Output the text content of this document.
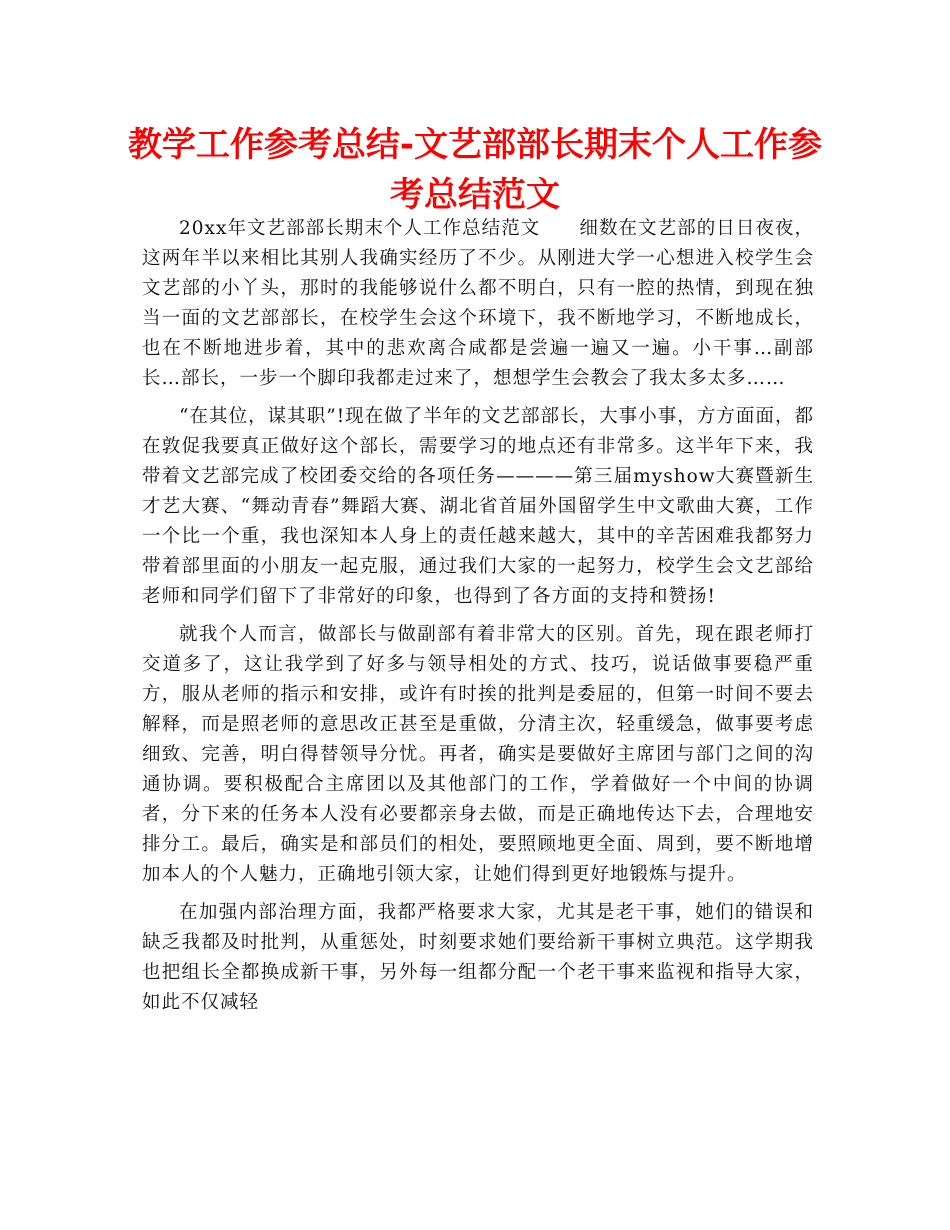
教学工作参考总结-文艺部部长期末个人工作参考总结范文

20xx年文艺部部长期末个人工作总结范文　　细数在文艺部的日日夜夜，这两年半以来相比其别人我确实经历了不少。从刚进大学一心想进入校学生会文艺部的小丫头，那时的我能够说什么都不明白，只有一腔的热情，到现在独当一面的文艺部部长，在校学生会这个环境下，我不断地学习，不断地成长，也在不断地进步着，其中的悲欢离合咸都是尝遍一遍又一遍。小干事…副部长…部长，一步一个脚印我都走过来了，想想学生会教会了我太多太多……

“在其位，谋其职”!现在做了半年的文艺部部长，大事小事，方方面面，都在敦促我要真正做好这个部长，需要学习的地点还有非常多。这半年下来，我带着文艺部完成了校团委交给的各项任务————第三届myshow大赛暨新生才艺大赛、“舞动青春”舞蹈大赛、湖北省首届外国留学生中文歌曲大赛，工作一个比一个重，我也深知本人身上的责任越来越大，其中的辛苦困难我都努力带着部里面的小朋友一起克服，通过我们大家的一起努力，校学生会文艺部给老师和同学们留下了非常好的印象，也得到了各方面的支持和赞扬!

就我个人而言，做部长与做副部有着非常大的区别。首先，现在跟老师打交道多了，这让我学到了好多与领导相处的方式、技巧，说话做事要稳严重方，服从老师的指示和安排，或许有时挨的批判是委屈的，但第一时间不要去解释，而是照老师的意思改正甚至是重做，分清主次，轻重缓急，做事要考虑细致、完善，明白得替领导分忧。再者，确实是要做好主席团与部门之间的沟通协调。要积极配合主席团以及其他部门的工作，学着做好一个中间的协调者，分下来的任务本人没有必要都亲身去做，而是正确地传达下去，合理地安排分工。最后，确实是和部员们的相处，要照顾地更全面、周到，要不断地增加本人的个人魅力，正确地引领大家，让她们得到更好地锻炼与提升。

在加强内部治理方面，我都严格要求大家，尤其是老干事，她们的错误和缺乏我都及时批判，从重惩处，时刻要求她们要给新干事树立典范。这学期我也把组长全都换成新干事，另外每一组都分配一个老干事来监视和指导大家，如此不仅减轻
